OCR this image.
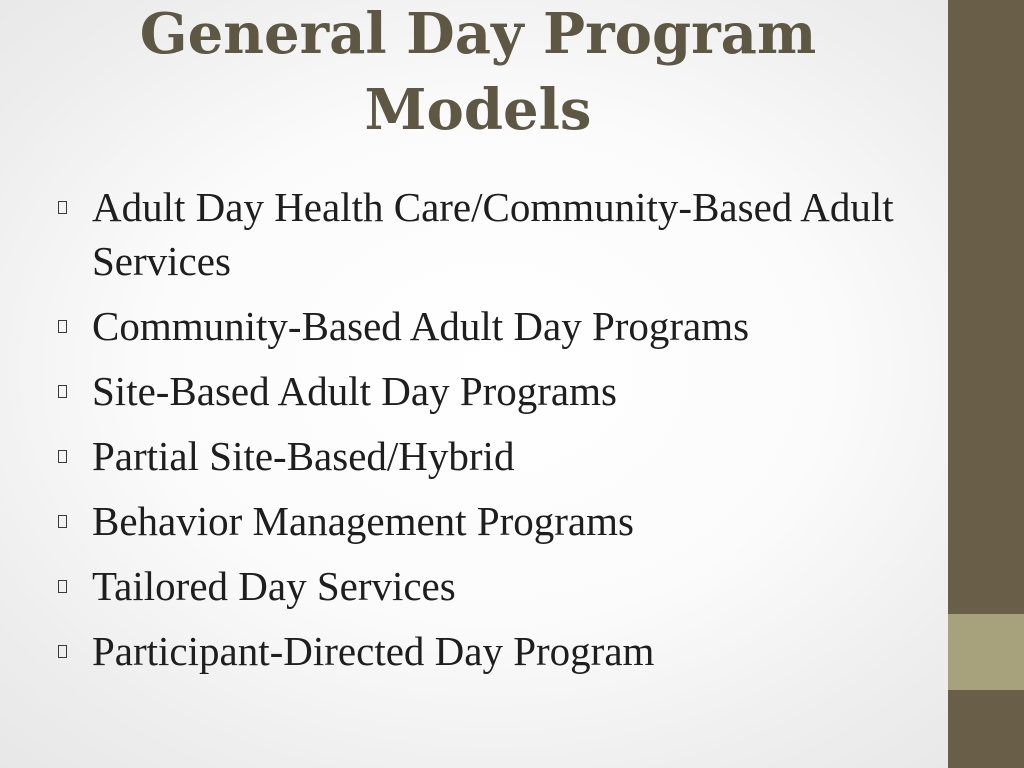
General Day Program Models
Adult Day Health Care/Community-Based Adult Services
Community-Based Adult Day Programs
Site-Based Adult Day Programs
Partial Site-Based/Hybrid
Behavior Management Programs
Tailored Day Services
Participant-Directed Day Program
